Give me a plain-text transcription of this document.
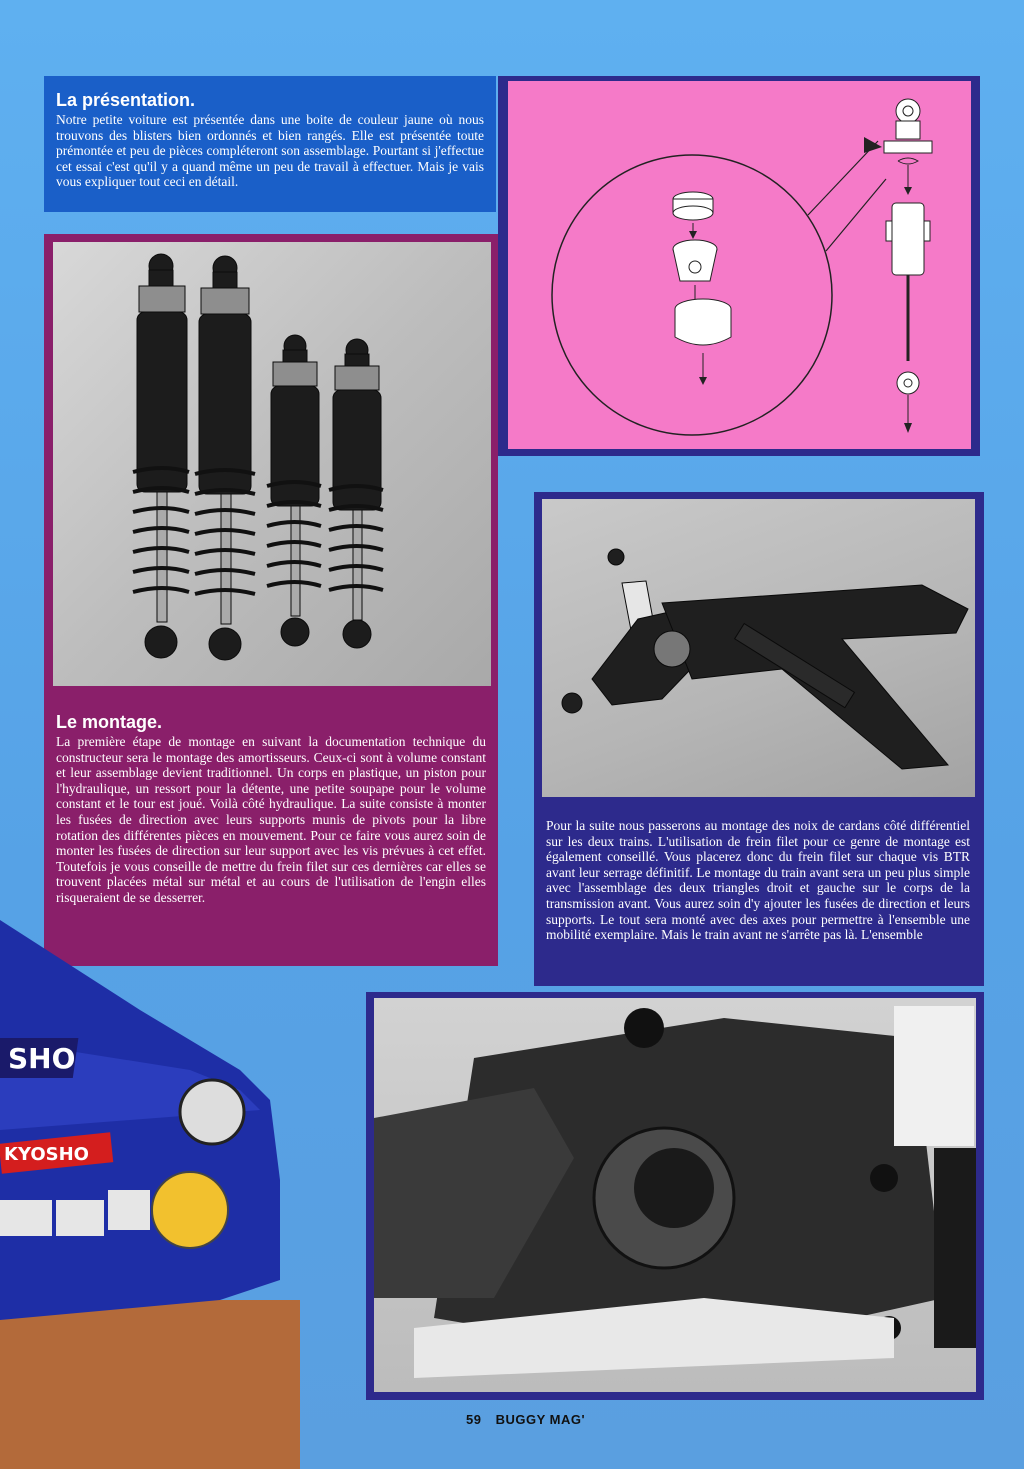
La présentation.

Notre petite voiture est présentée dans une boite de couleur jaune où nous trouvons des blisters bien ordonnés et bien rangés. Elle est présentée toute prémontée et peu de pièces compléteront son assemblage. Pourtant si j'effectue cet essai c'est qu'il y a quand même un peu de travail à effectuer. Mais je vais vous expliquer tout ceci en détail.

Le montage.

La première étape de montage en suivant la documentation technique du constructeur sera le montage des amortisseurs. Ceux-ci sont à volume constant et leur assemblage devient traditionnel. Un corps en plastique, un piston pour l'hydraulique, un ressort pour la détente, une petite soupape pour le volume constant et le tour est joué. Voilà côté hydraulique. La suite consiste à monter les fusées de direction avec leurs supports munis de pivots pour la libre rotation des différentes pièces en mouvement. Pour ce faire vous aurez soin de monter les fusées de direction sur leur support avec les vis prévues à cet effet. Toutefois je vous conseille de mettre du frein filet sur ces dernières car elles se trouvent placées métal sur métal et au cours de l'utilisation de l'engin elles risqueraient de se desserrer.

Pour la suite nous passerons au montage des noix de cardans côté différentiel sur les deux trains. L'utilisation de frein filet pour ce genre de montage est également conseillé. Vous placerez donc du frein filet sur chaque vis BTR avant leur serrage définitif. Le montage du train avant sera un peu plus simple avec l'assemblage des deux triangles droit et gauche sur le corps de la transmission avant. Vous aurez soin d'y ajouter les fusées de direction et leurs supports. Le tout sera monté avec des axes pour permettre à l'ensemble une mobilité exemplaire. Mais le train avant ne s'arrête pas là. L'ensemble

SHO
KYOSHO
59 BUGGY MAG'
